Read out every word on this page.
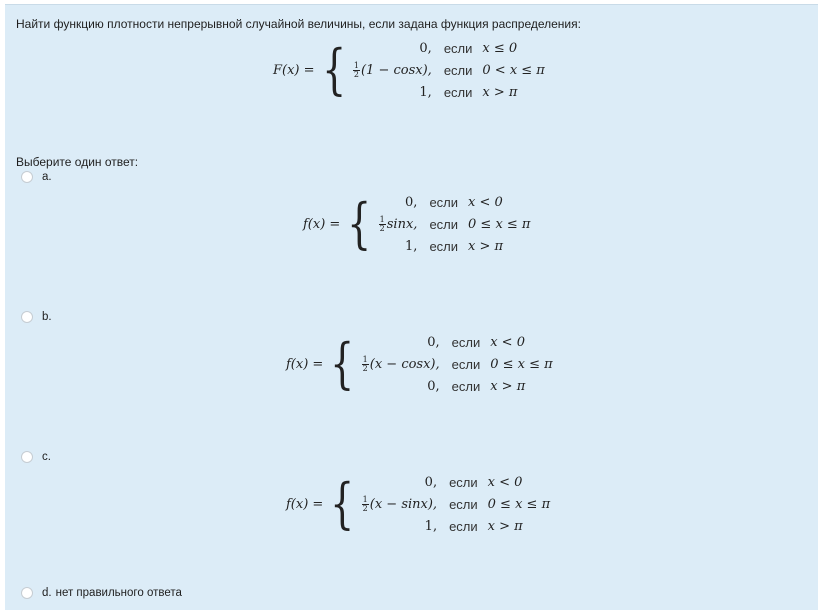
Найти функцию плотности непрерывной случайной величины, если задана функция распределения:
F(x) = {	0,	если	x ≤ 0

$\frac{1}{2} (1 - \cos x)$,	если	0 < x ≤ π
1,	если	x > π
Выберите один ответ:
a.
f(x) = {	0,	если	x < 0

$\frac{1}{2} \sin x$,	если	0 ≤ x ≤ π
1,	если	x > π
b.
f(x) = {	0,	если	x < 0

$\frac{1}{2} (x - \cos x)$,	если	0 ≤ x ≤ π
0,	если	x > π
c.
f(x) = {	0,	если	x < 0

$\frac{1}{2} (x - \sin x)$,	если	0 ≤ x ≤ π
1,	если	x > π
d. нет правильного ответа
